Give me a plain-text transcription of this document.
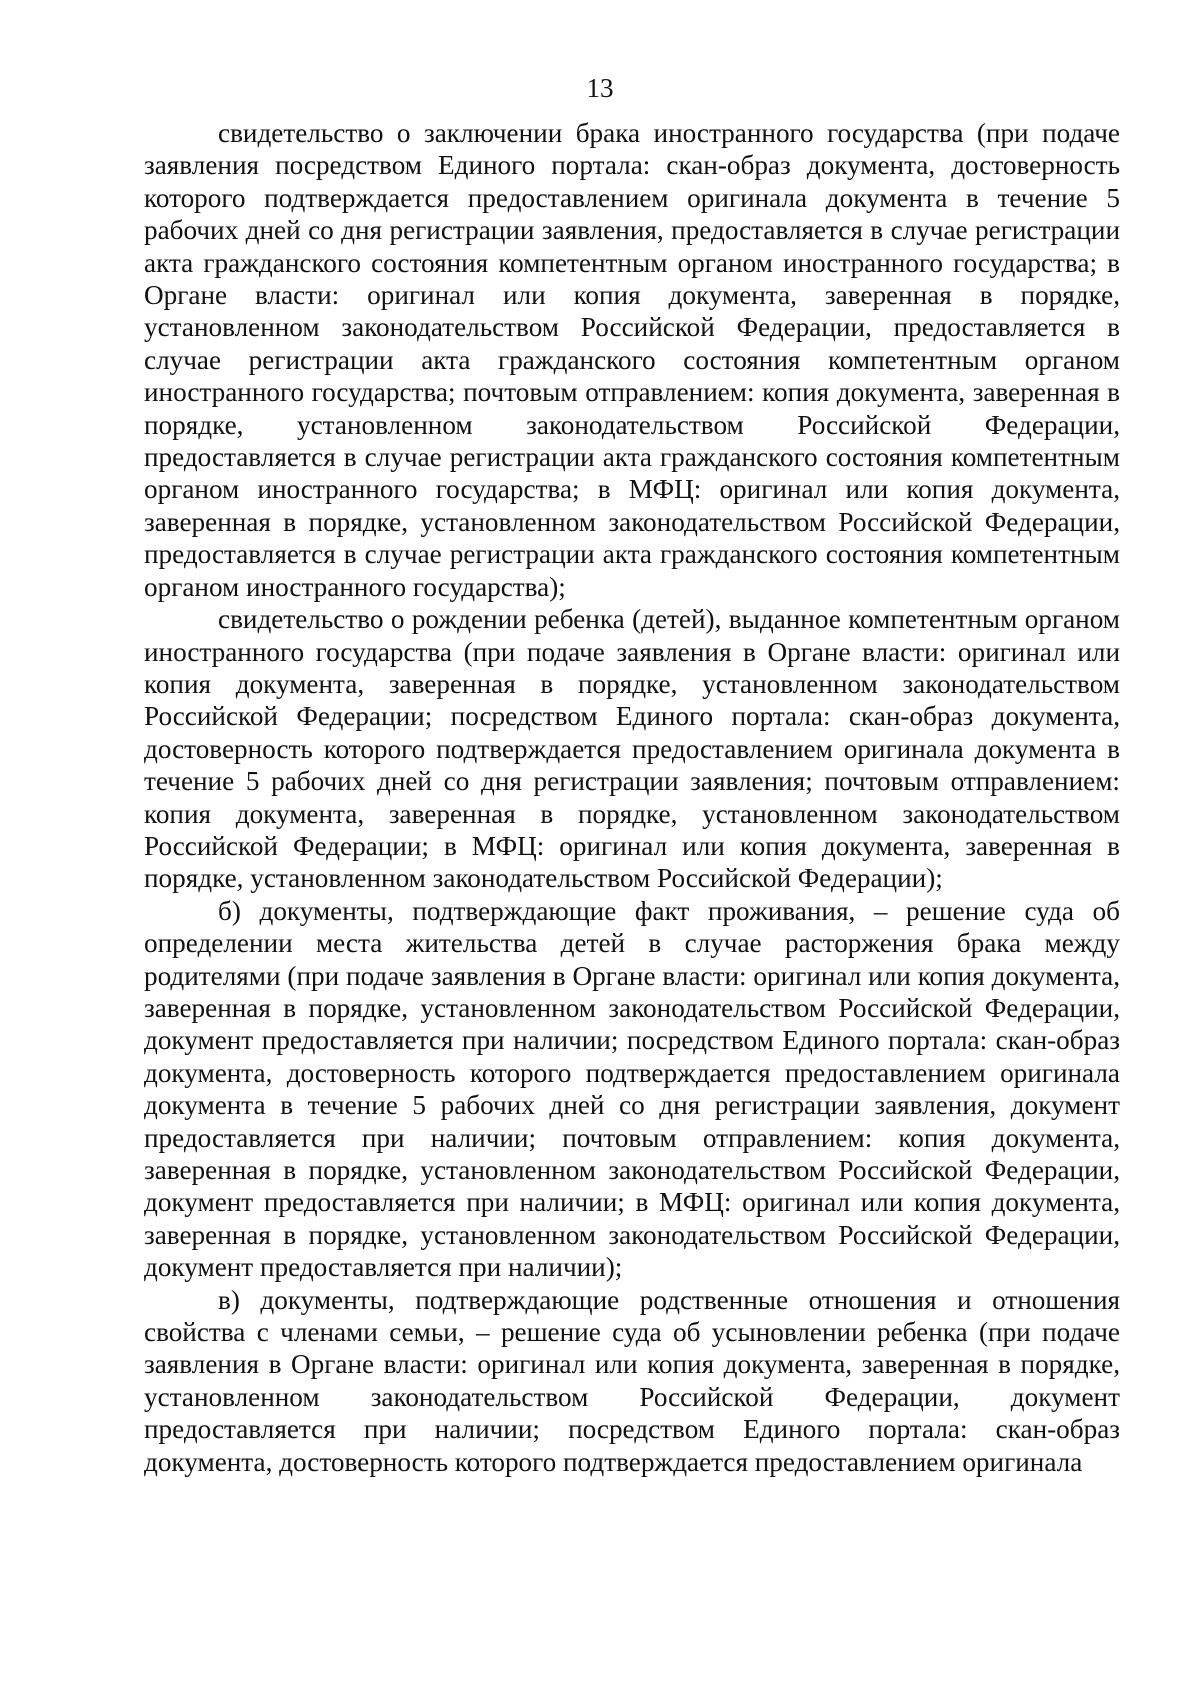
13

свидетельство о заключении брака иностранного государства (при подаче заявления посредством Единого портала: скан-образ документа, достоверность которого подтверждается предоставлением оригинала документа в течение 5 рабочих дней со дня регистрации заявления, предоставляется в случае регистрации акта гражданского состояния компетентным органом иностранного государства; в Органе власти: оригинал или копия документа, заверенная в порядке, установленном законодательством Российской Федерации, предоставляется в случае регистрации акта гражданского состояния компетентным органом иностранного государства; почтовым отправлением: копия документа, заверенная в порядке, установленном законодательством Российской Федерации, предоставляется в случае регистрации акта гражданского состояния компетентным органом иностранного государства; в МФЦ: оригинал или копия документа, заверенная в порядке, установленном законодательством Российской Федерации, предоставляется в случае регистрации акта гражданского состояния компетентным органом иностранного государства);

свидетельство о рождении ребенка (детей), выданное компетентным органом иностранного государства (при подаче заявления в Органе власти: оригинал или копия документа, заверенная в порядке, установленном законодательством Российской Федерации; посредством Единого портала: скан-образ документа, достоверность которого подтверждается предоставлением оригинала документа в течение 5 рабочих дней со дня регистрации заявления; почтовым отправлением: копия документа, заверенная в порядке, установленном законодательством Российской Федерации; в МФЦ: оригинал или копия документа, заверенная в порядке, установленном законодательством Российской Федерации);

б) документы, подтверждающие факт проживания, – решение суда об определении места жительства детей в случае расторжения брака между родителями (при подаче заявления в Органе власти: оригинал или копия документа, заверенная в порядке, установленном законодательством Российской Федерации, документ предоставляется при наличии; посредством Единого портала: скан-образ документа, достоверность которого подтверждается предоставлением оригинала документа в течение 5 рабочих дней со дня регистрации заявления, документ предоставляется при наличии; почтовым отправлением: копия документа, заверенная в порядке, установленном законодательством Российской Федерации, документ предоставляется при наличии; в МФЦ: оригинал или копия документа, заверенная в порядке, установленном законодательством Российской Федерации, документ предоставляется при наличии);

в) документы, подтверждающие родственные отношения и отношения свойства с членами семьи, – решение суда об усыновлении ребенка (при подаче заявления в Органе власти: оригинал или копия документа, заверенная в порядке, установленном законодательством Российской Федерации, документ предоставляется при наличии; посредством Единого портала: скан-образ документа, достоверность которого подтверждается предоставлением оригинала
